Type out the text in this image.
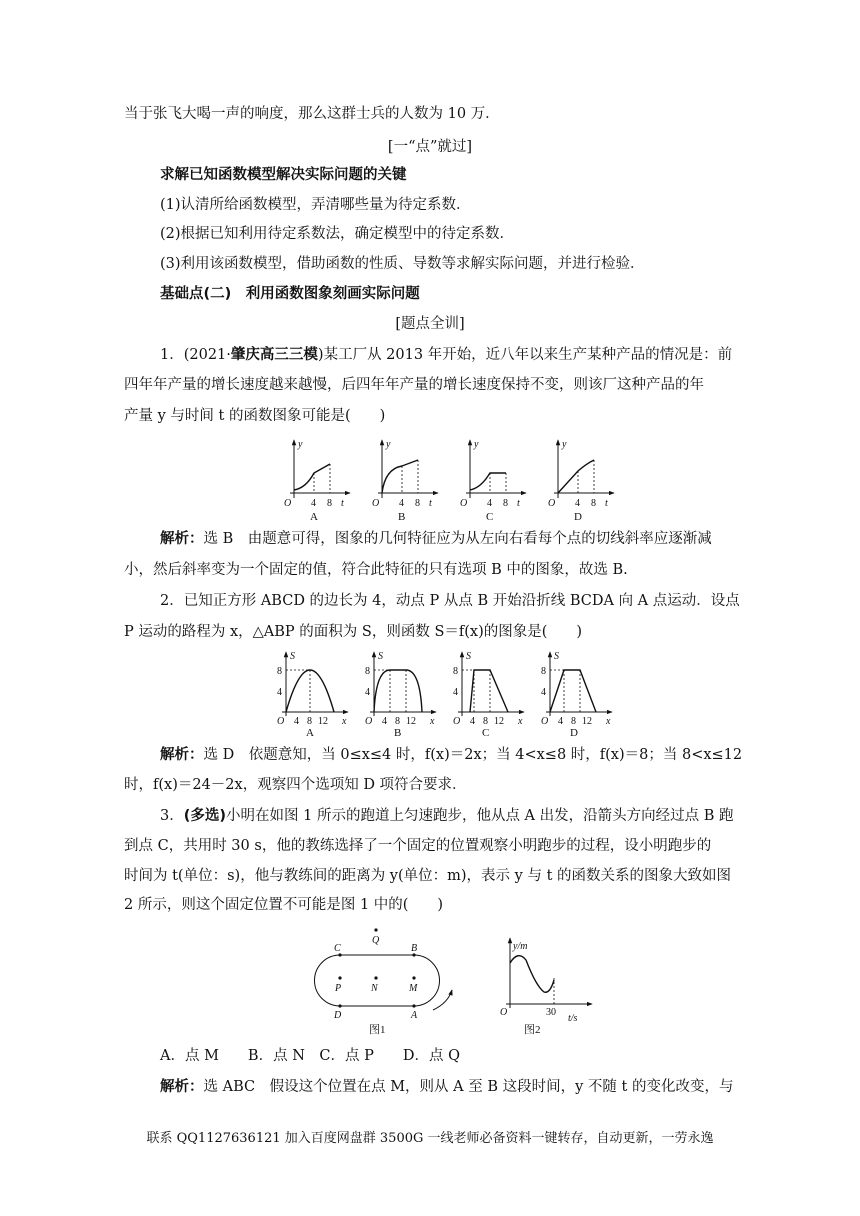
当于张飞大喝一声的响度，那么这群士兵的人数为 10 万．
[一“点”就过]
求解已知函数模型解决实际问题的关键
(1)认清所给函数模型，弄清哪些量为待定系数．
(2)根据已知利用待定系数法，确定模型中的待定系数．
(3)利用该函数模型，借助函数的性质、导数等求解实际问题，并进行检验．
基础点(二)　利用函数图象刻画实际问题
[题点全训]
1．(2021·肇庆高三三模)某工厂从 2013 年开始，近八年以来生产某种产品的情况是：前
四年年产量的增长速度越来越慢，后四年年产量的增长速度保持不变，则该厂这种产品的年
产量 y 与时间 t 的函数图象可能是(　　)
y
O 4 8 t
A
y
O 4 8 t
B
y
O 4 8 t
C
y
O 4 8 t
D
解析：选 B　由题意可得，图象的几何特征应为从左向右看每个点的切线斜率应逐渐减
小，然后斜率变为一个固定的值，符合此特征的只有选项 B 中的图象，故选 B.
2．已知正方形 ABCD 的边长为 4，动点 P 从点 B 开始沿折线 BCDA 向 A 点运动．设点
P 运动的路程为 x，△ABP 的面积为 S，则函数 S＝f(x)的图象是(　　)
S
8
4
O 4 8 12 x
A
S
8
4
O 4 8 12 x
B
S
8
4
O 4 8 12 x
C
S
8
4
O 4 8 12 x
D
解析：选 D　依题意知，当 0≤x≤4 时，f(x)＝2x；当 4<x≤8 时，f(x)＝8；当 8<x≤12
时，f(x)＝24－2x，观察四个选项知 D 项符合要求．
3．(多选)小明在如图 1 所示的跑道上匀速跑步，他从点 A 出发，沿箭头方向经过点 B 跑
到点 C，共用时 30 s，他的教练选择了一个固定的位置观察小明跑步的过程，设小明跑步的
时间为 t(单位：s)，他与教练间的距离为 y(单位：m)，表示 y 与 t 的函数关系的图象大致如图
2 所示，则这个固定位置不可能是图 1 中的(　　)
Q
C	B
P	N	M
D	A
图1
y/m
O	30
t/s
图2
A．点 M　　B．点 N　C．点 P　　D．点 Q
解析：选 ABC　假设这个位置在点 M，则从 A 至 B 这段时间，y 不随 t 的变化改变，与
联系 QQ1127636121 加入百度网盘群 3500G 一线老师必备资料一键转存，自动更新，一劳永逸
